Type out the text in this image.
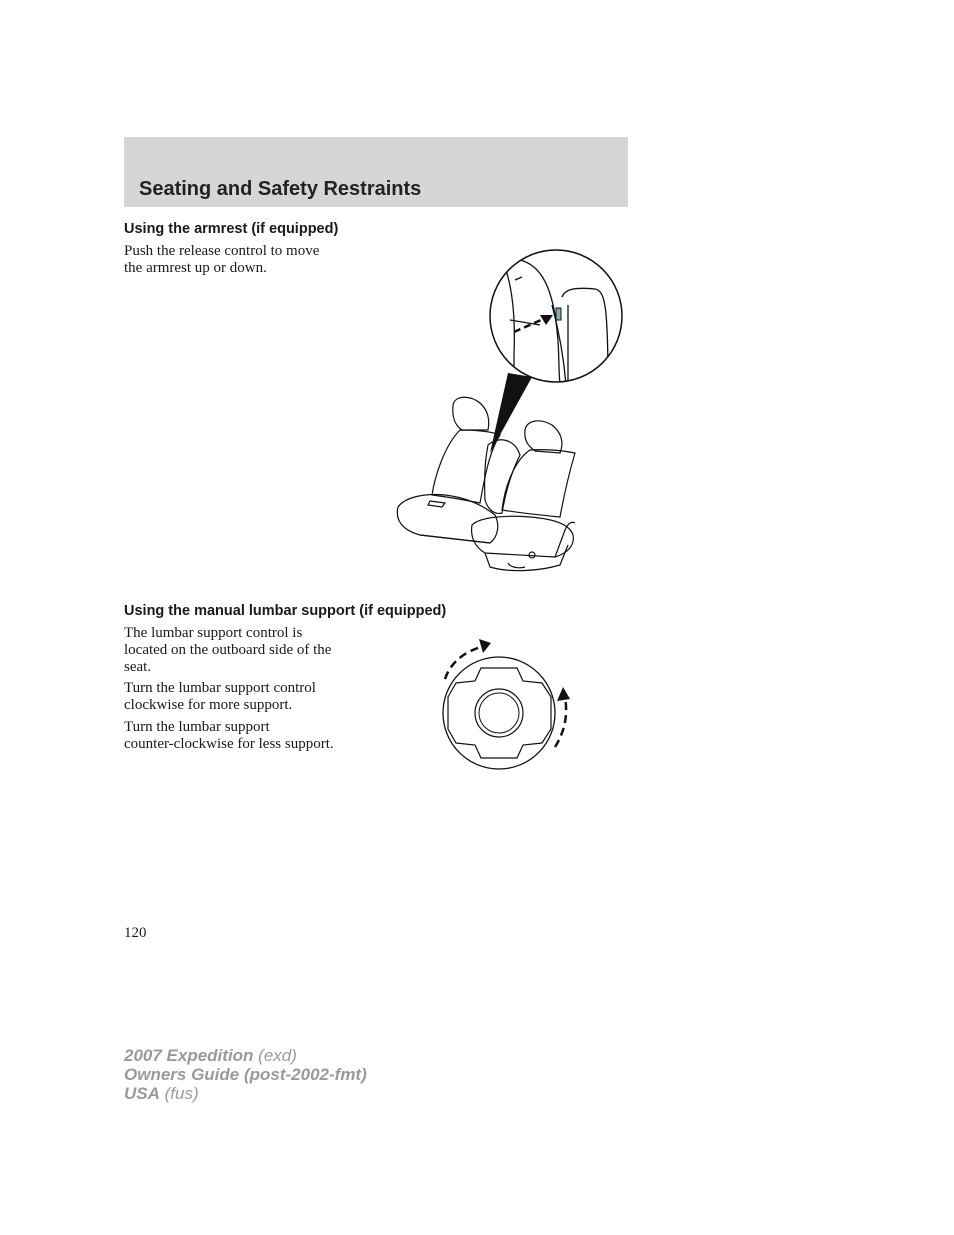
Seating and Safety Restraints
Using the armrest (if equipped)

Push the release control to move
the armrest up or down.

Using the manual lumbar support (if equipped)

The lumbar support control is
located on the outboard side of the
seat.

Turn the lumbar support control
clockwise for more support.

Turn the lumbar support
counter-clockwise for less support.

120
2007 Expedition (exd)
Owners Guide (post-2002-fmt)
USA (fus)
